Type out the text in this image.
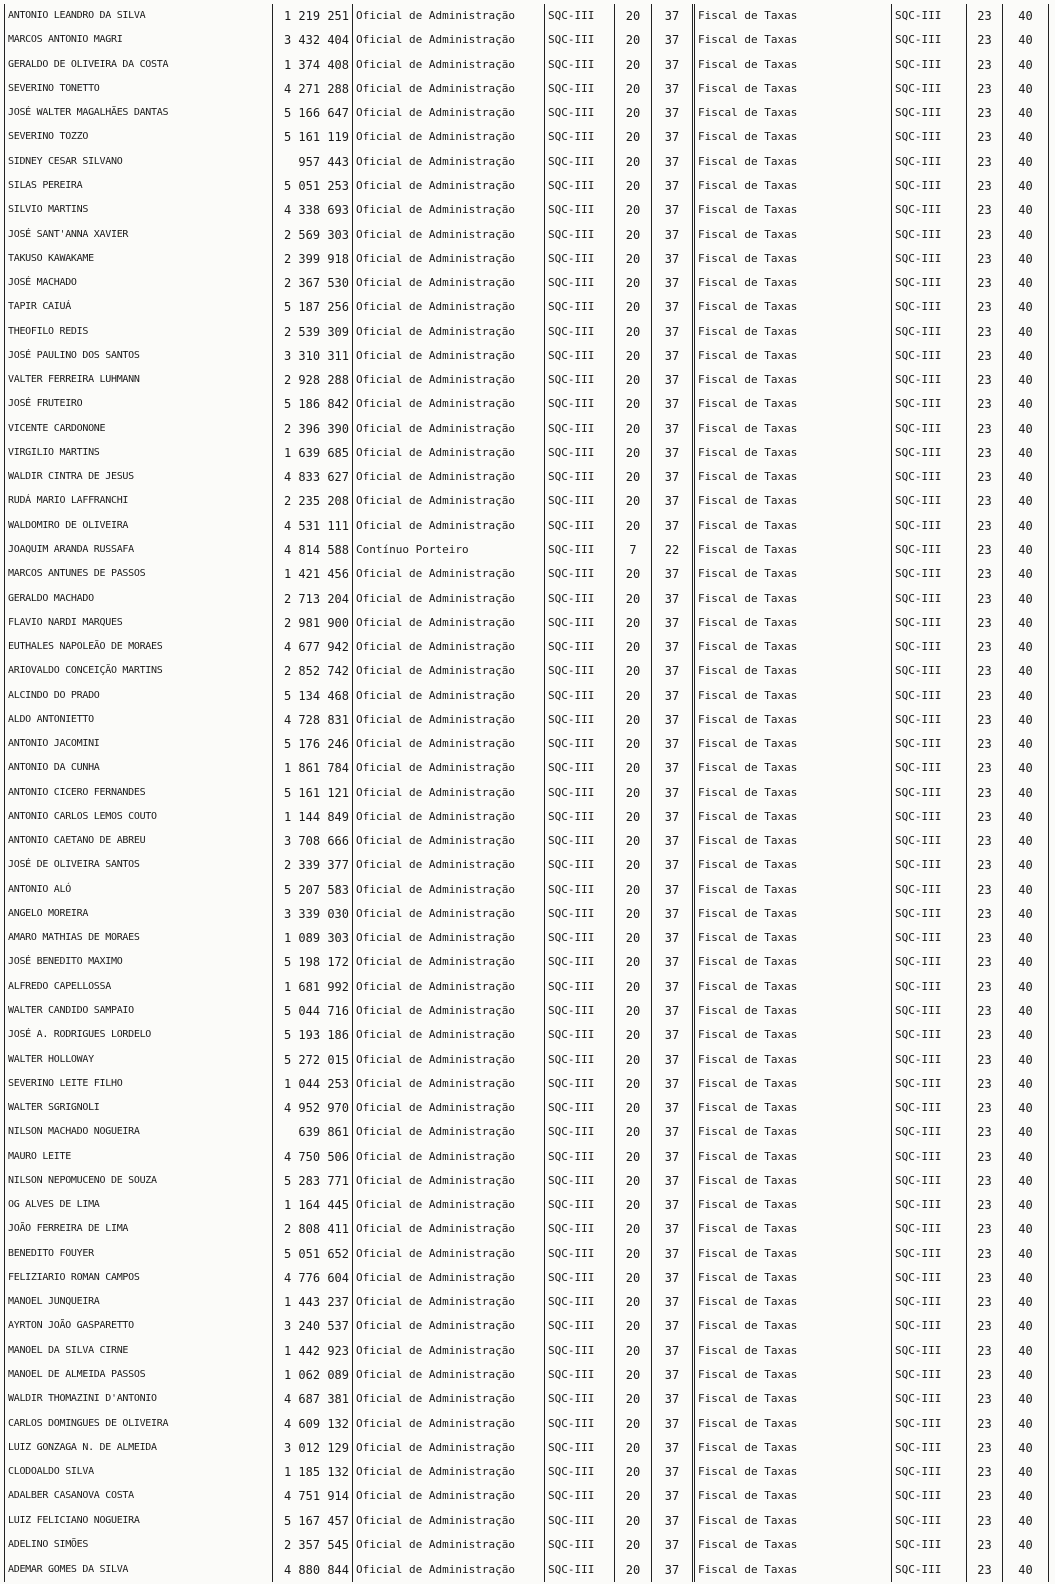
ANTONIO LEANDRO DA SILVA	1 219 251	Oficial de Administração	SQC-III	20	37	Fiscal de Taxas	SQC-III	23	40
MARCOS ANTONIO MAGRI	3 432 404	Oficial de Administração	SQC-III	20	37	Fiscal de Taxas	SQC-III	23	40
GERALDO DE OLIVEIRA DA COSTA	1 374 408	Oficial de Administração	SQC-III	20	37	Fiscal de Taxas	SQC-III	23	40
SEVERINO TONETTO	4 271 288	Oficial de Administração	SQC-III	20	37	Fiscal de Taxas	SQC-III	23	40
JOSÉ WALTER MAGALHÃES DANTAS	5 166 647	Oficial de Administração	SQC-III	20	37	Fiscal de Taxas	SQC-III	23	40
SEVERINO TOZZO	5 161 119	Oficial de Administração	SQC-III	20	37	Fiscal de Taxas	SQC-III	23	40
SIDNEY CESAR SILVANO	957 443	Oficial de Administração	SQC-III	20	37	Fiscal de Taxas	SQC-III	23	40
SILAS PEREIRA	5 051 253	Oficial de Administração	SQC-III	20	37	Fiscal de Taxas	SQC-III	23	40
SILVIO MARTINS	4 338 693	Oficial de Administração	SQC-III	20	37	Fiscal de Taxas	SQC-III	23	40
JOSÉ SANT'ANNA XAVIER	2 569 303	Oficial de Administração	SQC-III	20	37	Fiscal de Taxas	SQC-III	23	40
TAKUSO KAWAKAME	2 399 918	Oficial de Administração	SQC-III	20	37	Fiscal de Taxas	SQC-III	23	40
JOSÉ MACHADO	2 367 530	Oficial de Administração	SQC-III	20	37	Fiscal de Taxas	SQC-III	23	40
TAPIR CAIUÁ	5 187 256	Oficial de Administração	SQC-III	20	37	Fiscal de Taxas	SQC-III	23	40
THEOFILO REDIS	2 539 309	Oficial de Administração	SQC-III	20	37	Fiscal de Taxas	SQC-III	23	40
JOSÉ PAULINO DOS SANTOS	3 310 311	Oficial de Administração	SQC-III	20	37	Fiscal de Taxas	SQC-III	23	40
VALTER FERREIRA LUHMANN	2 928 288	Oficial de Administração	SQC-III	20	37	Fiscal de Taxas	SQC-III	23	40
JOSÉ FRUTEIRO	5 186 842	Oficial de Administração	SQC-III	20	37	Fiscal de Taxas	SQC-III	23	40
VICENTE CARDONONE	2 396 390	Oficial de Administração	SQC-III	20	37	Fiscal de Taxas	SQC-III	23	40
VIRGILIO MARTINS	1 639 685	Oficial de Administração	SQC-III	20	37	Fiscal de Taxas	SQC-III	23	40
WALDIR CINTRA DE JESUS	4 833 627	Oficial de Administração	SQC-III	20	37	Fiscal de Taxas	SQC-III	23	40
RUDÁ MARIO LAFFRANCHI	2 235 208	Oficial de Administração	SQC-III	20	37	Fiscal de Taxas	SQC-III	23	40
WALDOMIRO DE OLIVEIRA	4 531 111	Oficial de Administração	SQC-III	20	37	Fiscal de Taxas	SQC-III	23	40
JOAQUIM ARANDA RUSSAFA	4 814 588	Contínuo Porteiro	SQC-III	7	22	Fiscal de Taxas	SQC-III	23	40
MARCOS ANTUNES DE PASSOS	1 421 456	Oficial de Administração	SQC-III	20	37	Fiscal de Taxas	SQC-III	23	40
GERALDO MACHADO	2 713 204	Oficial de Administração	SQC-III	20	37	Fiscal de Taxas	SQC-III	23	40
FLAVIO NARDI MARQUES	2 981 900	Oficial de Administração	SQC-III	20	37	Fiscal de Taxas	SQC-III	23	40
EUTHALES NAPOLEÃO DE MORAES	4 677 942	Oficial de Administração	SQC-III	20	37	Fiscal de Taxas	SQC-III	23	40
ARIOVALDO CONCEIÇÃO MARTINS	2 852 742	Oficial de Administração	SQC-III	20	37	Fiscal de Taxas	SQC-III	23	40
ALCINDO DO PRADO	5 134 468	Oficial de Administração	SQC-III	20	37	Fiscal de Taxas	SQC-III	23	40
ALDO ANTONIETTO	4 728 831	Oficial de Administração	SQC-III	20	37	Fiscal de Taxas	SQC-III	23	40
ANTONIO JACOMINI	5 176 246	Oficial de Administração	SQC-III	20	37	Fiscal de Taxas	SQC-III	23	40
ANTONIO DA CUNHA	1 861 784	Oficial de Administração	SQC-III	20	37	Fiscal de Taxas	SQC-III	23	40
ANTONIO CICERO FERNANDES	5 161 121	Oficial de Administração	SQC-III	20	37	Fiscal de Taxas	SQC-III	23	40
ANTONIO CARLOS LEMOS COUTO	1 144 849	Oficial de Administração	SQC-III	20	37	Fiscal de Taxas	SQC-III	23	40
ANTONIO CAETANO DE ABREU	3 708 666	Oficial de Administração	SQC-III	20	37	Fiscal de Taxas	SQC-III	23	40
JOSÉ DE OLIVEIRA SANTOS	2 339 377	Oficial de Administração	SQC-III	20	37	Fiscal de Taxas	SQC-III	23	40
ANTONIO ALÓ	5 207 583	Oficial de Administração	SQC-III	20	37	Fiscal de Taxas	SQC-III	23	40
ANGELO MOREIRA	3 339 030	Oficial de Administração	SQC-III	20	37	Fiscal de Taxas	SQC-III	23	40
AMARO MATHIAS DE MORAES	1 089 303	Oficial de Administração	SQC-III	20	37	Fiscal de Taxas	SQC-III	23	40
JOSÉ BENEDITO MAXIMO	5 198 172	Oficial de Administração	SQC-III	20	37	Fiscal de Taxas	SQC-III	23	40
ALFREDO CAPELLOSSA	1 681 992	Oficial de Administração	SQC-III	20	37	Fiscal de Taxas	SQC-III	23	40
WALTER CANDIDO SAMPAIO	5 044 716	Oficial de Administração	SQC-III	20	37	Fiscal de Taxas	SQC-III	23	40
JOSÉ A. RODRIGUES LORDELO	5 193 186	Oficial de Administração	SQC-III	20	37	Fiscal de Taxas	SQC-III	23	40
WALTER HOLLOWAY	5 272 015	Oficial de Administração	SQC-III	20	37	Fiscal de Taxas	SQC-III	23	40
SEVERINO LEITE FILHO	1 044 253	Oficial de Administração	SQC-III	20	37	Fiscal de Taxas	SQC-III	23	40
WALTER SGRIGNOLI	4 952 970	Oficial de Administração	SQC-III	20	37	Fiscal de Taxas	SQC-III	23	40
NILSON MACHADO NOGUEIRA	639 861	Oficial de Administração	SQC-III	20	37	Fiscal de Taxas	SQC-III	23	40
MAURO LEITE	4 750 506	Oficial de Administração	SQC-III	20	37	Fiscal de Taxas	SQC-III	23	40
NILSON NEPOMUCENO DE SOUZA	5 283 771	Oficial de Administração	SQC-III	20	37	Fiscal de Taxas	SQC-III	23	40
OG ALVES DE LIMA	1 164 445	Oficial de Administração	SQC-III	20	37	Fiscal de Taxas	SQC-III	23	40
JOÃO FERREIRA DE LIMA	2 808 411	Oficial de Administração	SQC-III	20	37	Fiscal de Taxas	SQC-III	23	40
BENEDITO FOUYER	5 051 652	Oficial de Administração	SQC-III	20	37	Fiscal de Taxas	SQC-III	23	40
FELIZIARIO ROMAN CAMPOS	4 776 604	Oficial de Administração	SQC-III	20	37	Fiscal de Taxas	SQC-III	23	40
MANOEL JUNQUEIRA	1 443 237	Oficial de Administração	SQC-III	20	37	Fiscal de Taxas	SQC-III	23	40
AYRTON JOÃO GASPARETTO	3 240 537	Oficial de Administração	SQC-III	20	37	Fiscal de Taxas	SQC-III	23	40
MANOEL DA SILVA CIRNE	1 442 923	Oficial de Administração	SQC-III	20	37	Fiscal de Taxas	SQC-III	23	40
MANOEL DE ALMEIDA PASSOS	1 062 089	Oficial de Administração	SQC-III	20	37	Fiscal de Taxas	SQC-III	23	40
WALDIR THOMAZINI D'ANTONIO	4 687 381	Oficial de Administração	SQC-III	20	37	Fiscal de Taxas	SQC-III	23	40
CARLOS DOMINGUES DE OLIVEIRA	4 609 132	Oficial de Administração	SQC-III	20	37	Fiscal de Taxas	SQC-III	23	40
LUIZ GONZAGA N. DE ALMEIDA	3 012 129	Oficial de Administração	SQC-III	20	37	Fiscal de Taxas	SQC-III	23	40
CLODOALDO SILVA	1 185 132	Oficial de Administração	SQC-III	20	37	Fiscal de Taxas	SQC-III	23	40
ADALBER CASANOVA COSTA	4 751 914	Oficial de Administração	SQC-III	20	37	Fiscal de Taxas	SQC-III	23	40
LUIZ FELICIANO NOGUEIRA	5 167 457	Oficial de Administração	SQC-III	20	37	Fiscal de Taxas	SQC-III	23	40
ADELINO SIMÕES	2 357 545	Oficial de Administração	SQC-III	20	37	Fiscal de Taxas	SQC-III	23	40
ADEMAR GOMES DA SILVA	4 880 844	Oficial de Administração	SQC-III	20	37	Fiscal de Taxas	SQC-III	23	40
